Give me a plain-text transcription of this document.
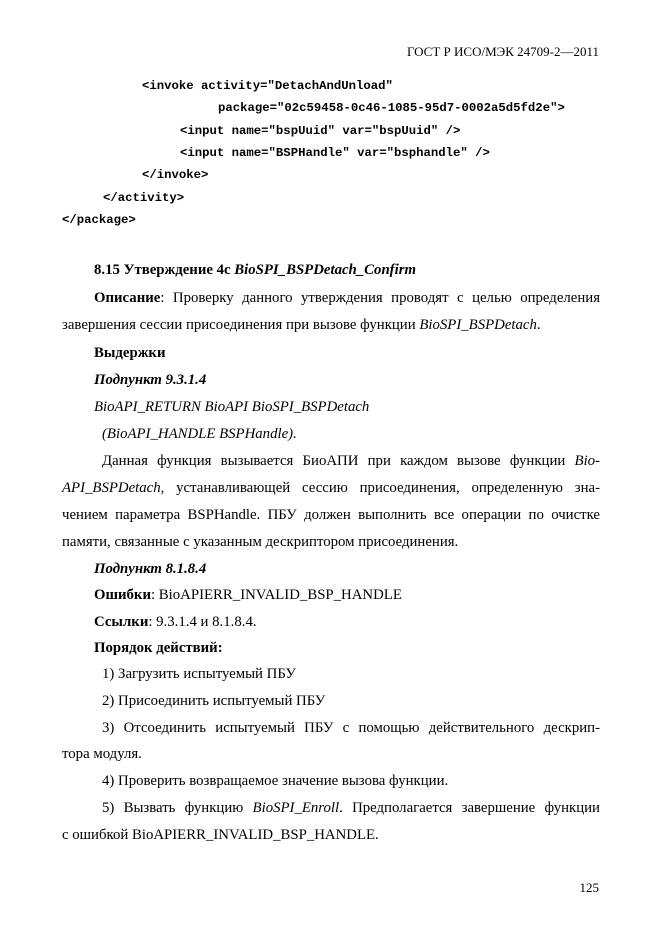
ГОСТ Р ИСО/МЭК 24709-2—2011
<invoke activity="DetachAndUnload"
package="02c59458-0c46-1085-95d7-0002a5d5fd2e">
<input name="bspUuid" var="bspUuid" />
<input name="BSPHandle" var="bsphandle" />
</invoke>
</activity>
</package>
8.15 Утверждение 4с BioSPI_BSPDetach_Confirm
Описание: Проверку данного утверждения проводят с целью определения
завершения сессии присоединения при вызове функции BioSPI_BSPDetach.
Выдержки
Подпункт 9.3.1.4
BioAPI_RETURN BioAPI BioSPI_BSPDetach
(BioAPI_HANDLE BSPHandle).
Данная функция вызывается БиоАПИ при каждом вызове функции Bio-
API_BSPDetach, устанавливающей сессию присоединения, определенную зна-
чением параметра BSPHandle. ПБУ должен выполнить все операции по очистке
памяти, связанные с указанным дескриптором присоединения.
Подпункт 8.1.8.4
Ошибки: BioAPIERR_INVALID_BSP_HANDLE
Ссылки: 9.3.1.4 и 8.1.8.4.
Порядок действий:
1) Загрузить испытуемый ПБУ
2) Присоединить испытуемый ПБУ
3) Отсоединить испытуемый ПБУ с помощью действительного дескрип-
тора модуля.
4) Проверить возвращаемое значение вызова функции.
5) Вызвать функцию BioSPI_Enroll. Предполагается завершение функции
с ошибкой BioAPIERR_INVALID_BSP_HANDLE.
125
